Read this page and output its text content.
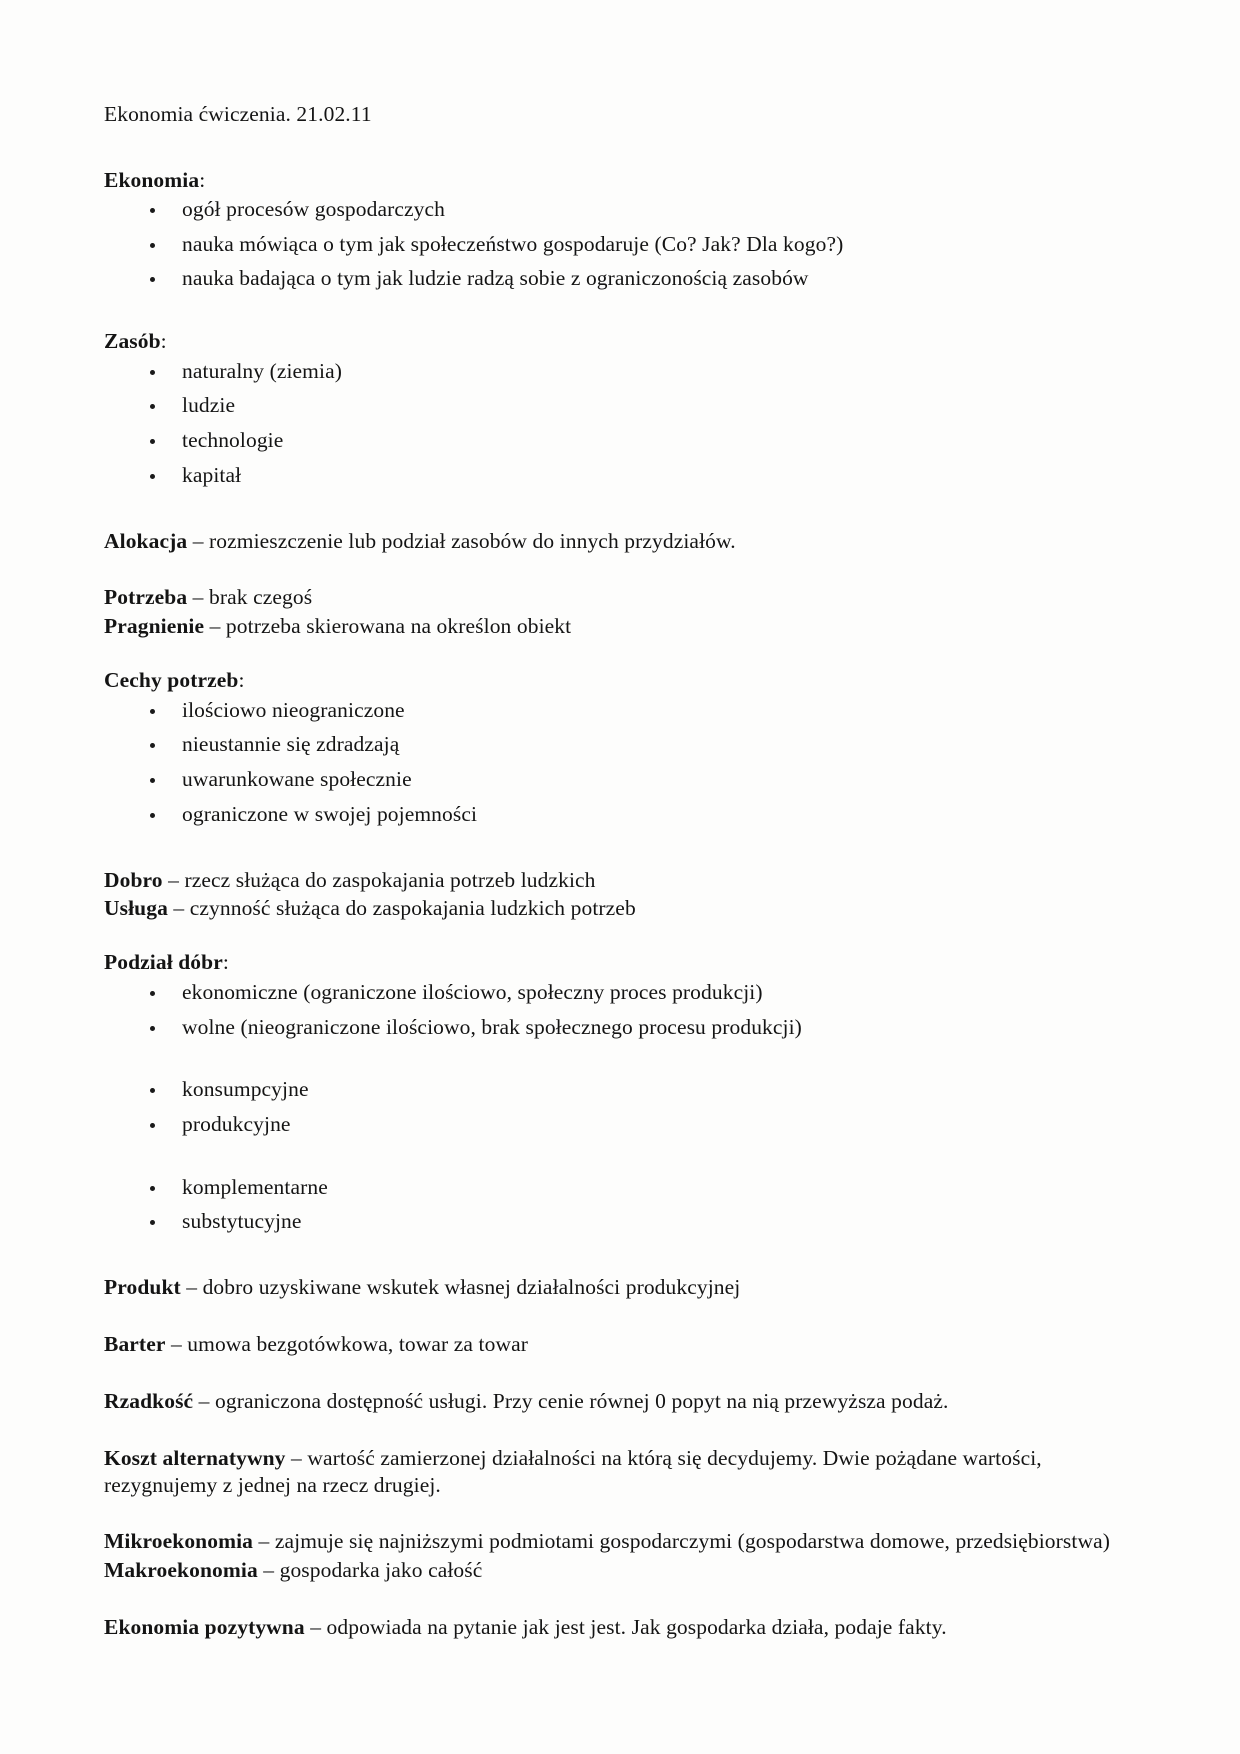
Ekonomia ćwiczenia. 21.02.11

Ekonomia:

ogół procesów gospodarczych
nauka mówiąca o tym jak społeczeństwo gospodaruje (Co? Jak? Dla kogo?)
nauka badająca o tym jak ludzie radzą sobie z ograniczonością zasobów

Zasób:

naturalny (ziemia)
ludzie
technologie
kapitał

Alokacja – rozmieszczenie lub podział zasobów do innych przydziałów.

Potrzeba – brak czegoś

Pragnienie – potrzeba skierowana na określon obiekt

Cechy potrzeb:

ilościowo nieograniczone
nieustannie się zdradzają
uwarunkowane społecznie
ograniczone w swojej pojemności

Dobro – rzecz służąca do zaspokajania potrzeb ludzkich

Usługa – czynność służąca do zaspokajania ludzkich potrzeb

Podział dóbr:

ekonomiczne (ograniczone ilościowo, społeczny proces produkcji)
wolne (nieograniczone ilościowo, brak społecznego procesu produkcji)
konsumpcyjne
produkcyjne
komplementarne
substytucyjne

Produkt – dobro uzyskiwane wskutek własnej działalności produkcyjnej

Barter – umowa bezgotówkowa, towar za towar

Rzadkość – ograniczona dostępność usługi. Przy cenie równej 0 popyt na nią przewyższa podaż.

Koszt alternatywny – wartość zamierzonej działalności na którą się decydujemy. Dwie pożądane wartości, rezygnujemy z jednej na rzecz drugiej.

Mikroekonomia – zajmuje się najniższymi podmiotami gospodarczymi (gospodarstwa domowe, przedsiębiorstwa)

Makroekonomia – gospodarka jako całość

Ekonomia pozytywna – odpowiada na pytanie jak jest jest. Jak gospodarka działa, podaje fakty.
